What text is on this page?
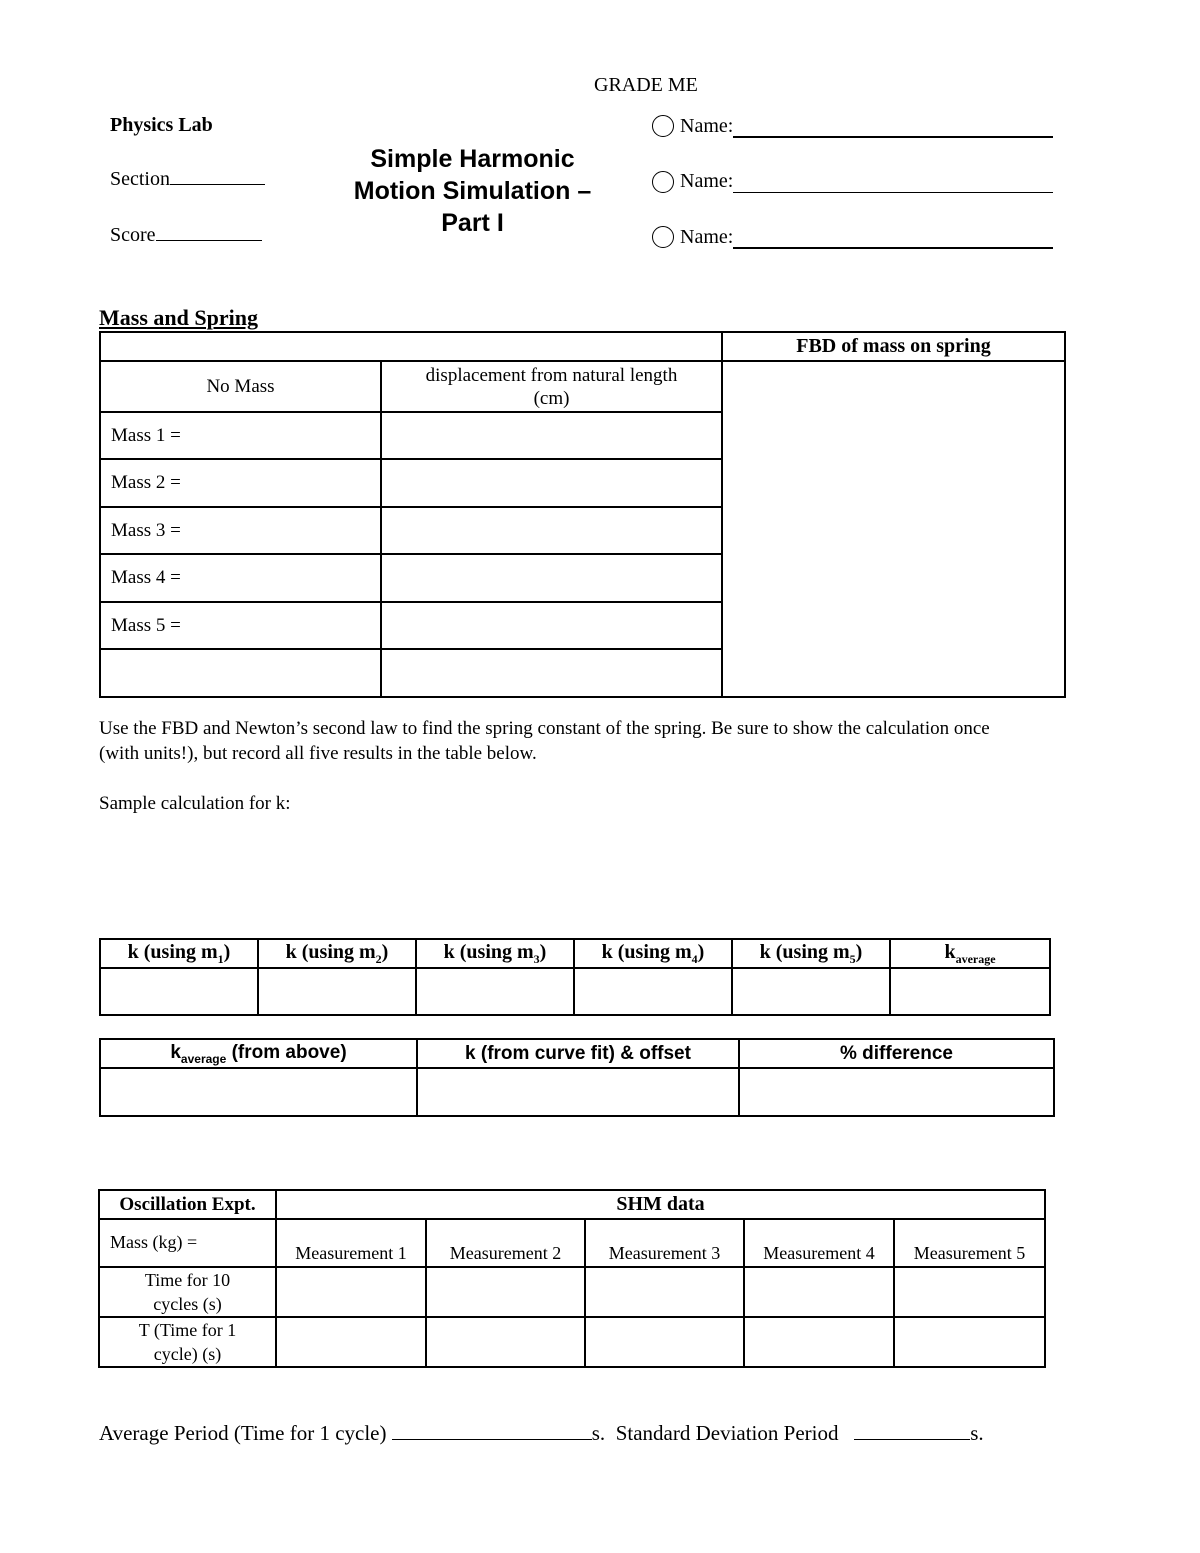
GRADE ME
Physics Lab
Section
Score
Simple Harmonic
Motion Simulation –
Part I
Name:
Name:
Name:
Mass and Spring
		FBD of mass on spring
No Mass	displacement from natural length
(cm)	

Mass 1 =		
Mass 2 =		
Mass 3 =		
Mass 4 =		
Mass 5 =		

Use the FBD and Newton’s second law to find the spring constant of the spring. Be sure to show the calculation once
(with units!), but record all five results in the table below.
Sample calculation for k:
k (using $m_1$)	k (using $m_2$)	k (using $m_3$)	k (using $m_4$)	k (using $m_5$)	$k_{average}$

$k_{average}$ (from above)	k (from curve fit) & offset	% difference

Oscillation Expt.	SHM data				
Mass (kg) =	Measurement 1	Measurement 2	Measurement 3	Measurement 4	Measurement 5

Time for 10
cycles (s)					

T (Time for 1
cycle) (s)					

Average Period (Time for 1 cycle)	s. Standard Deviation Period	s.
